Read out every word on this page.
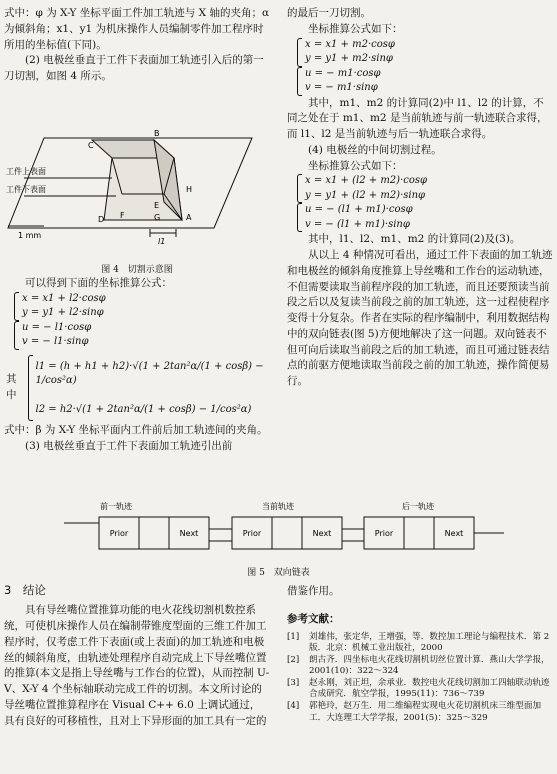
式中：φ 为 X-Y 坐标平面工件加工轨迹与 X 轴的夹角；α 为倾斜角；x1、y1 为机床操作人员编制零件加工程序时所用的坐标值(下同)。

(2) 电极丝垂直于工件下表面加工轨迹引入后的第一刀切割，如图 4 所示。

C
B
D
E
F	G
H
A
l1
工件上表面
工件下表面
1 mm
图 4　切割示意图

可以得到下面的坐标推算公式：

x = x1 + l2·cosφ
y = y1 + l2·sinφ
u = − l1·cosφ
v = − l1·sinφ
其中
l1 = (h + h1 + h2)·√(1 + 2tan²α/(1 + cosβ) − 1/cos²α)
l2 = h2·√(1 + 2tan²α/(1 + cosβ) − 1/cos²α)

式中：β 为 X-Y 坐标平面内工件前后加工轨迹间的夹角。

(3) 电极丝垂直于工件下表面加工轨迹引出前

的最后一刀切割。

坐标推算公式如下：

x = x1 + m2·cosφ
y = y1 + m2·sinφ
u = − m1·cosφ
v = − m1·sinφ

其中，m1、m2 的计算同(2)中 l1、l2 的计算，不同之处在于 m1、m2 是当前轨迹与前一轨迹联合求得，而 l1、l2 是当前轨迹与后一轨迹联合求得。

(4) 电极丝的中间切割过程。

坐标推算公式如下：

x = x1 + (l2 + m2)·cosφ
y = y1 + (l2 + m2)·sinφ
u = − (l1 + m1)·cosφ
v = − (l1 + m1)·sinφ

其中，l1、l2、m1、m2 的计算同(2)及(3)。

从以上 4 种情况可看出，通过工件下表面的加工轨迹和电极丝的倾斜角度推算上导丝嘴和工作台的运动轨迹，不但需要读取当前程序段的加工轨迹，而且还要预读当前段之后以及复读当前段之前的加工轨迹，这一过程使程序变得十分复杂。作者在实际的程序编制中，利用数据结构中的双向链表(图 5)方便地解决了这一问题。双向链表不但可向后读取当前段之后的加工轨迹，而且可通过链表结点的前驱方便地读取当前段之前的加工轨迹，操作简便易行。

前一轨迹	当前轨迹	后一轨迹
Prior	Next	Prior	Next	Prior	Next
图 5　双向链表
3　结论

具有导丝嘴位置推算功能的电火花线切割机数控系统，可使机床操作人员在编制带锥度型面的三维工件加工程序时，仅考虑工件下表面(或上表面)的加工轨迹和电极丝的倾斜角度，由轨迹处理程序自动完成上下导丝嘴位置的推算(本文是指上导丝嘴与工作台的位置)，从而控制 U-V、X-Y 4 个坐标轴联动完成工件的切割。本文所讨论的导丝嘴位置推算程序在 Visual C++ 6.0 上调试通过，具有良好的可移植性，且对上下异形面的加工具有一定的

借鉴作用。

参考文献：
[1]	刘雄伟，张定华，王增强，等．数控加工理论与编程技术．第 2 版．北京：机械工业出版社，2000
[2]	朗古齐．四坐标电火花线切割机切丝位置计算．燕山大学学报，2001(10)：322～324
[3]	赵永刚，刘正坦，余承业．数控电火花线切割加工四轴联动轨迹合成研究．航空学报，1995(11)：736～739
[4]	郭艳玲，赵万生．用二维编程实现电火花切割机床三维型面加工．大连理工大学学报，2001(5)：325～329
